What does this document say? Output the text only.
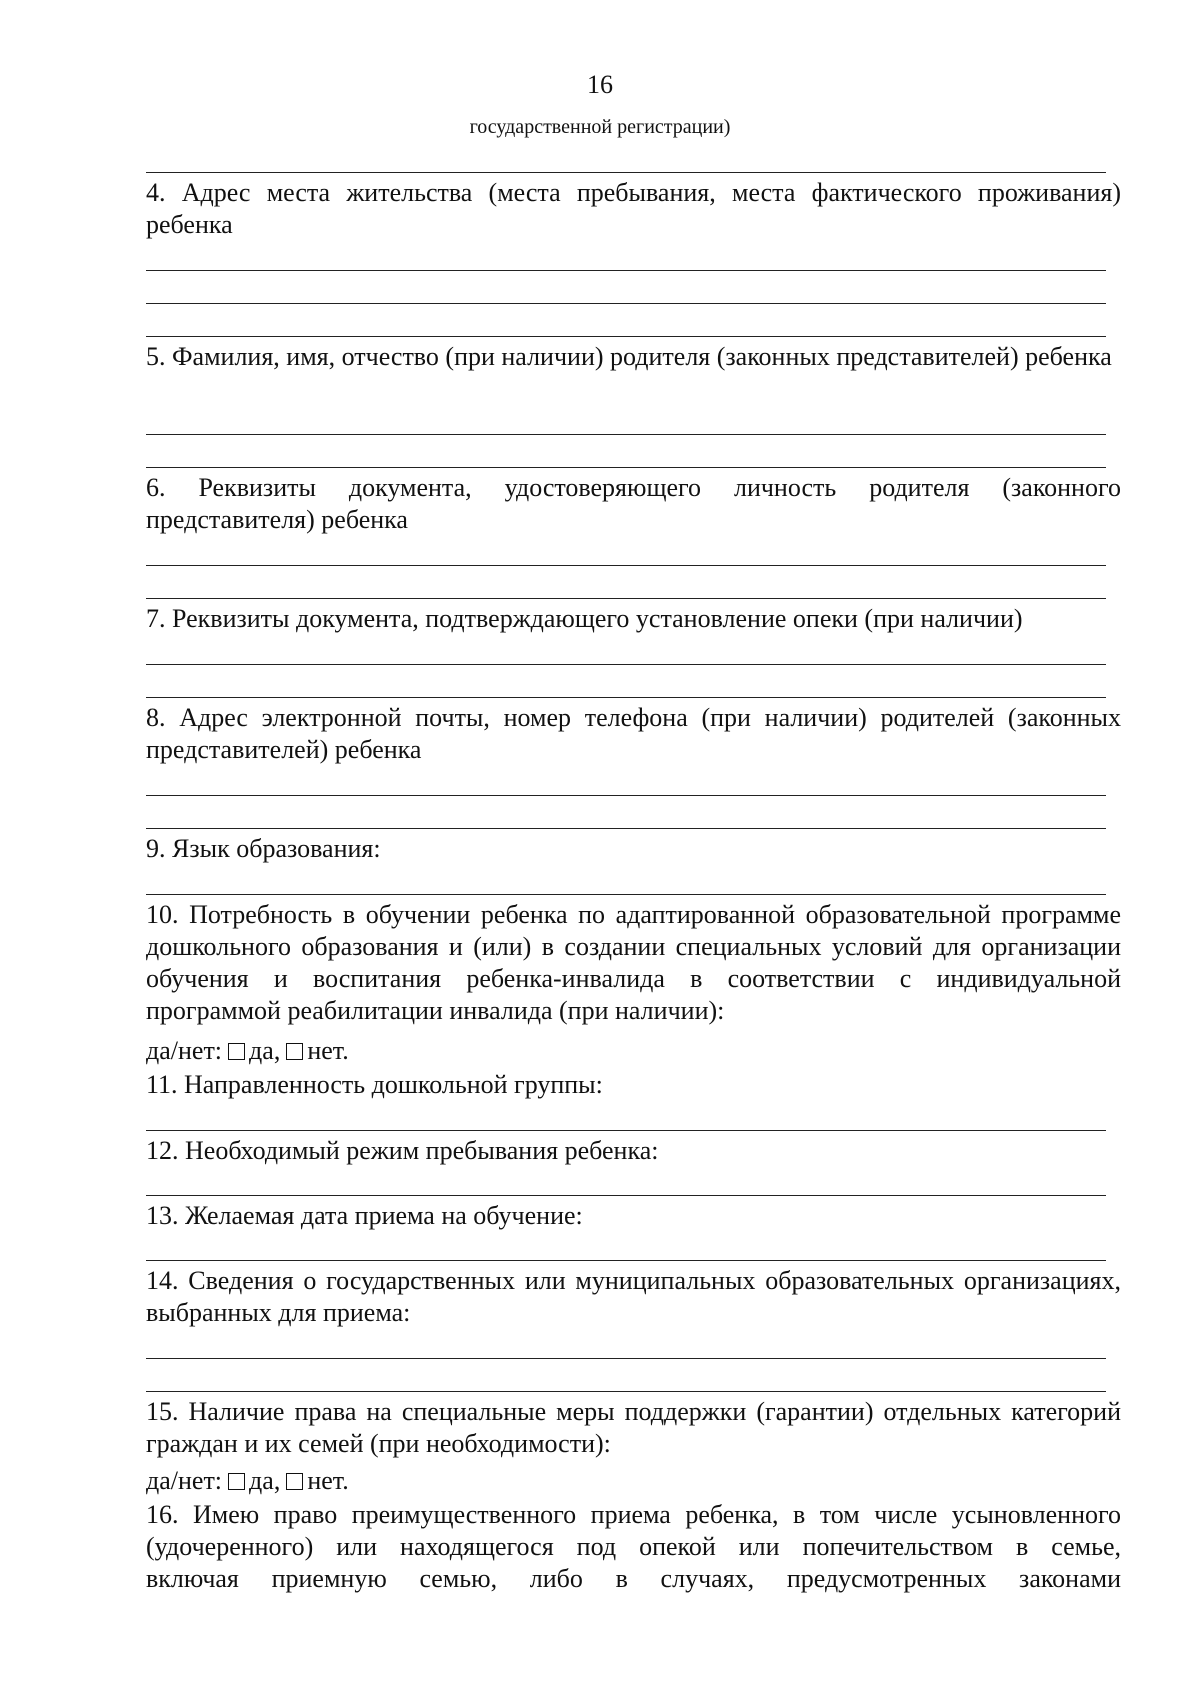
16
государственной регистрации)
4. Адрес места жительства (места пребывания, места фактического проживания) ребенка
5. Фамилия, имя, отчество (при наличии) родителя (законных представителей) ребенка
6. Реквизиты документа, удостоверяющего личность родителя (законного представителя) ребенка
7. Реквизиты документа, подтверждающего установление опеки (при наличии)
8. Адрес электронной почты, номер телефона (при наличии) родителей (законных представителей) ребенка
9. Язык образования:
10. Потребность в обучении ребенка по адаптированной образовательной программе дошкольного образования и (или) в создании специальных условий для организации обучения и воспитания ребенка-инвалида в соответствии с индивидуальной программой реабилитации инвалида (при наличии):
да/нет: да, нет.
11. Направленность дошкольной группы:
12. Необходимый режим пребывания ребенка:
13. Желаемая дата приема на обучение:
14. Сведения о государственных или муниципальных образовательных организациях, выбранных для приема:
15. Наличие права на специальные меры поддержки (гарантии) отдельных категорий граждан и их семей (при необходимости):
да/нет: да, нет.
16. Имею право преимущественного приема ребенка, в том числе усыновленного
(удочеренного) или находящегося под опекой или попечительством в семье,
включая приемную семью, либо в случаях, предусмотренных законами
